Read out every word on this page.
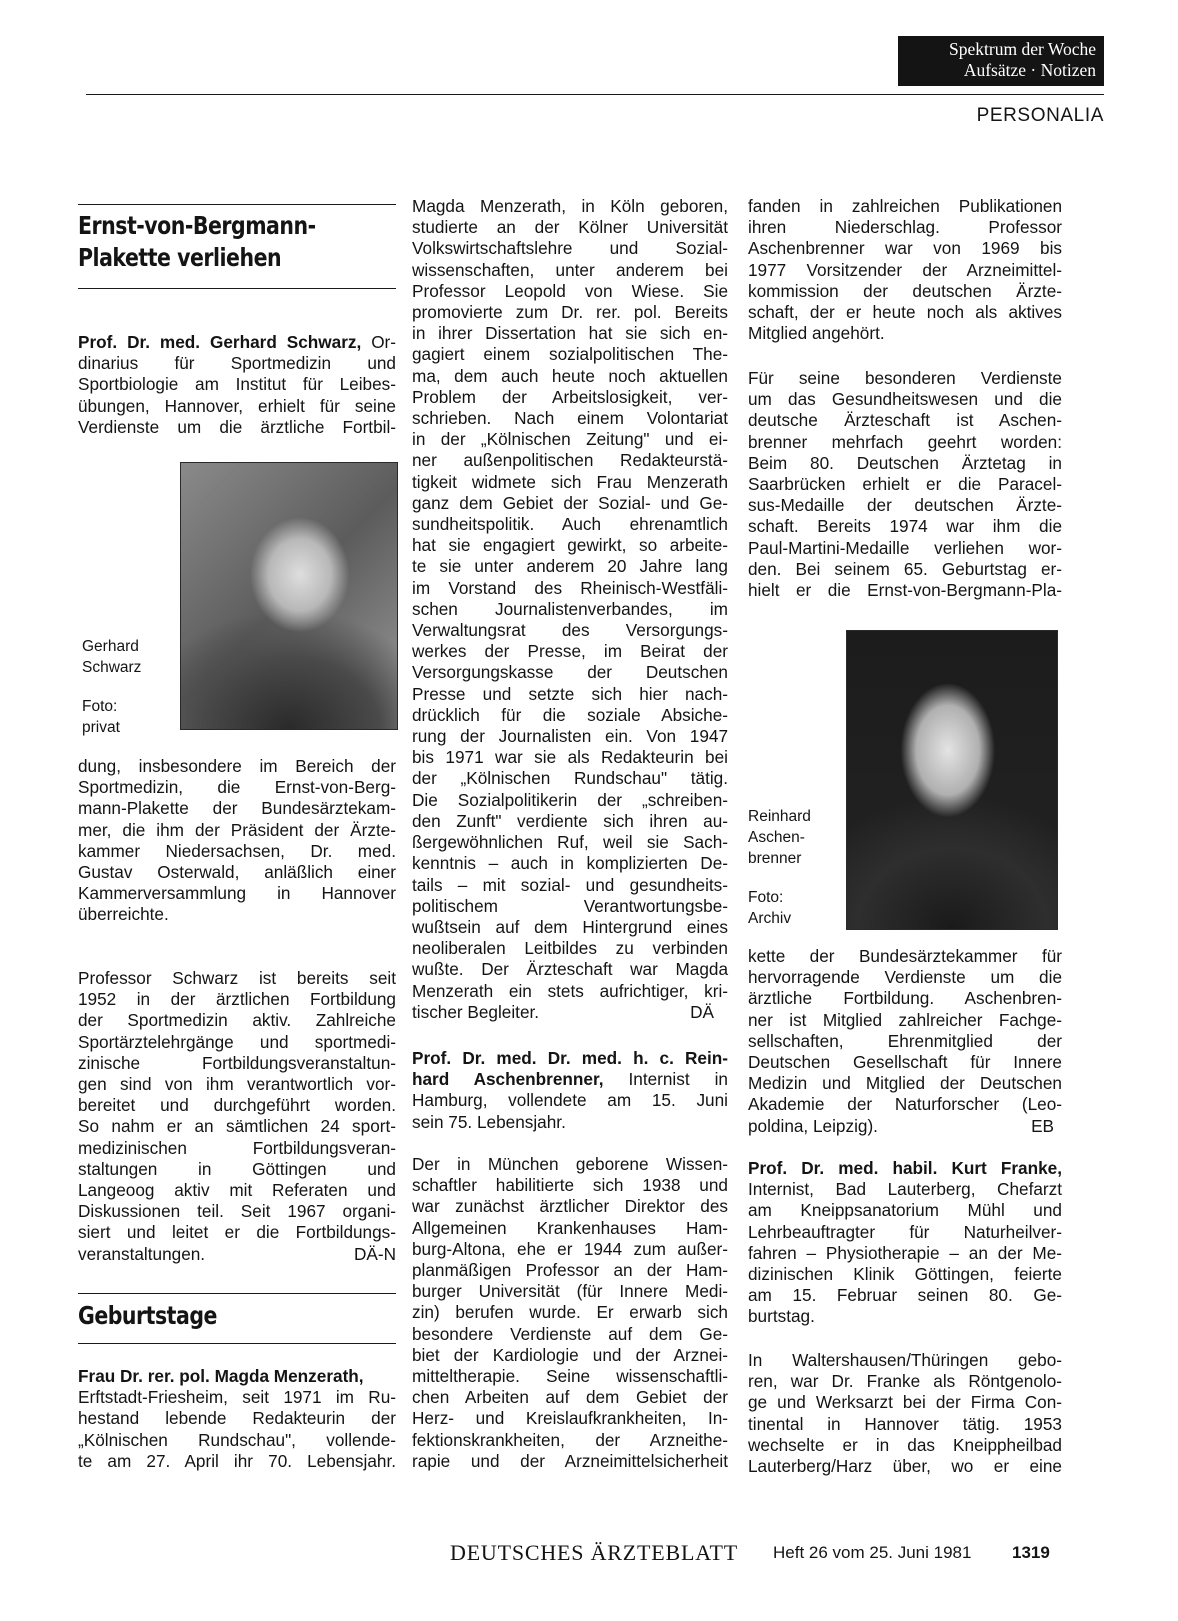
Spektrum der Woche
Aufsätze · Notizen
PERSONALIA
Ernst-von-Bergmann-
Plakette verliehen

Prof. Dr. med. Gerhard Schwarz, Or-

dinarius für Sportmedizin und

Sportbiologie am Institut für Leibes-

übungen, Hannover, erhielt für seine

Verdienste um die ärztliche Fortbil-

Gerhard
Schwarz
Foto:
privat

dung, insbesondere im Bereich der

Sportmedizin, die Ernst-von-Berg-

mann-Plakette der Bundesärztekam-

mer, die ihm der Präsident der Ärzte-

kammer Niedersachsen, Dr. med.

Gustav Osterwald, anläßlich einer

Kammerversammlung in Hannover

überreichte.

Professor Schwarz ist bereits seit

1952 in der ärztlichen Fortbildung

der Sportmedizin aktiv. Zahlreiche

Sportärztelehrgänge und sportmedi-

zinische Fortbildungsveranstaltun-

gen sind von ihm verantwortlich vor-

bereitet und durchgeführt worden.

So nahm er an sämtlichen 24 sport-

medizinischen Fortbildungsveran-

staltungen in Göttingen und

Langeoog aktiv mit Referaten und

Diskussionen teil. Seit 1967 organi-

siert und leitet er die Fortbildungs-

veranstaltungen.	DÄ-N

Geburtstage

Frau Dr. rer. pol. Magda Menzerath,

Erftstadt-Friesheim, seit 1971 im Ru-

hestand lebende Redakteurin der

„Kölnischen Rundschau", vollende-

te am 27. April ihr 70. Lebensjahr.

Magda Menzerath, in Köln geboren,

studierte an der Kölner Universität

Volkswirtschaftslehre und Sozial-

wissenschaften, unter anderem bei

Professor Leopold von Wiese. Sie

promovierte zum Dr. rer. pol. Bereits

in ihrer Dissertation hat sie sich en-

gagiert einem sozialpolitischen The-

ma, dem auch heute noch aktuellen

Problem der Arbeitslosigkeit, ver-

schrieben. Nach einem Volontariat

in der „Kölnischen Zeitung" und ei-

ner außenpolitischen Redakteurstä-

tigkeit widmete sich Frau Menzerath

ganz dem Gebiet der Sozial- und Ge-

sundheitspolitik. Auch ehrenamtlich

hat sie engagiert gewirkt, so arbeite-

te sie unter anderem 20 Jahre lang

im Vorstand des Rheinisch-Westfäli-

schen Journalistenverbandes, im

Verwaltungsrat des Versorgungs-

werkes der Presse, im Beirat der

Versorgungskasse der Deutschen

Presse und setzte sich hier nach-

drücklich für die soziale Absiche-

rung der Journalisten ein. Von 1947

bis 1971 war sie als Redakteurin bei

der „Kölnischen Rundschau" tätig.

Die Sozialpolitikerin der „schreiben-

den Zunft" verdiente sich ihren au-

ßergewöhnlichen Ruf, weil sie Sach-

kenntnis – auch in komplizierten De-

tails – mit sozial- und gesundheits-

politischem Verantwortungsbe-

wußtsein auf dem Hintergrund eines

neoliberalen Leitbildes zu verbinden

wußte. Der Ärzteschaft war Magda

Menzerath ein stets aufrichtiger, kri-

tischer Begleiter.	DÄ

Prof. Dr. med. Dr. med. h. c. Rein-

hard Aschenbrenner, Internist in

Hamburg, vollendete am 15. Juni

sein 75. Lebensjahr.

Der in München geborene Wissen-

schaftler habilitierte sich 1938 und

war zunächst ärztlicher Direktor des

Allgemeinen Krankenhauses Ham-

burg-Altona, ehe er 1944 zum außer-

planmäßigen Professor an der Ham-

burger Universität (für Innere Medi-

zin) berufen wurde. Er erwarb sich

besondere Verdienste auf dem Ge-

biet der Kardiologie und der Arznei-

mitteltherapie. Seine wissenschaftli-

chen Arbeiten auf dem Gebiet der

Herz- und Kreislaufkrankheiten, In-

fektionskrankheiten, der Arzneithe-

rapie und der Arzneimittelsicherheit

fanden in zahlreichen Publikationen

ihren Niederschlag. Professor

Aschenbrenner war von 1969 bis

1977 Vorsitzender der Arzneimittel-

kommission der deutschen Ärzte-

schaft, der er heute noch als aktives

Mitglied angehört.

Für seine besonderen Verdienste

um das Gesundheitswesen und die

deutsche Ärzteschaft ist Aschen-

brenner mehrfach geehrt worden:

Beim 80. Deutschen Ärztetag in

Saarbrücken erhielt er die Paracel-

sus-Medaille der deutschen Ärzte-

schaft. Bereits 1974 war ihm die

Paul-Martini-Medaille verliehen wor-

den. Bei seinem 65. Geburtstag er-

hielt er die Ernst-von-Bergmann-Pla-

Reinhard
Aschen-
brenner
Foto:
Archiv

kette der Bundesärztekammer für

hervorragende Verdienste um die

ärztliche Fortbildung. Aschenbren-

ner ist Mitglied zahlreicher Fachge-

sellschaften, Ehrenmitglied der

Deutschen Gesellschaft für Innere

Medizin und Mitglied der Deutschen

Akademie der Naturforscher (Leo-

poldina, Leipzig).	EB

Prof. Dr. med. habil. Kurt Franke,

Internist, Bad Lauterberg, Chefarzt

am Kneippsanatorium Mühl und

Lehrbeauftragter für Naturheilver-

fahren – Physiotherapie – an der Me-

dizinischen Klinik Göttingen, feierte

am 15. Februar seinen 80. Ge-

burtstag.

In Waltershausen/Thüringen gebo-

ren, war Dr. Franke als Röntgenolo-

ge und Werksarzt bei der Firma Con-

tinental in Hannover tätig. 1953

wechselte er in das Kneippheilbad

Lauterberg/Harz über, wo er eine

DEUTSCHES ÄRZTEBLATT Heft 26 vom 25. Juni 1981 1319
